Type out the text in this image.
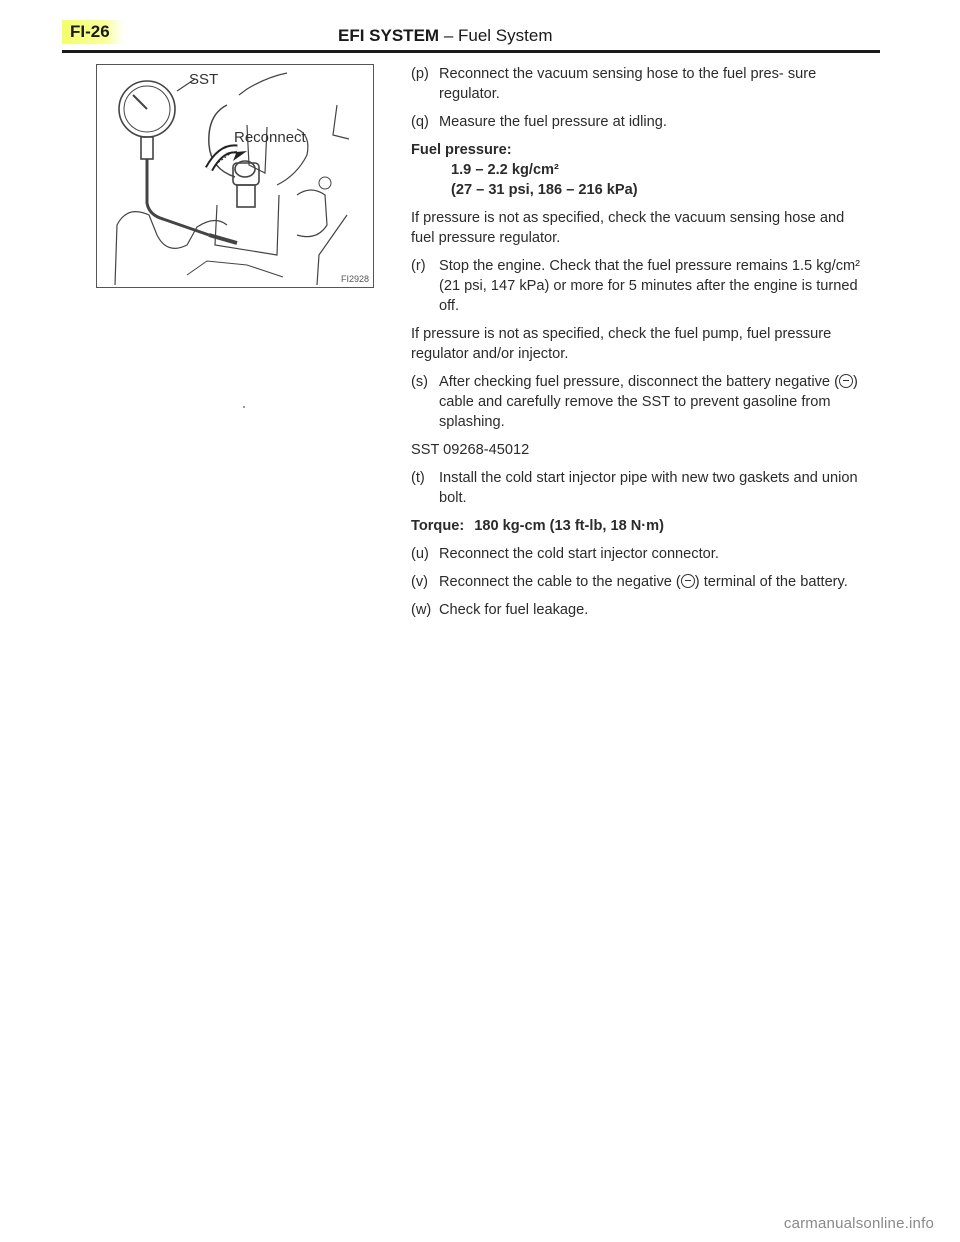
FI-26	EFI SYSTEM – Fuel System
SST
Reconnect
FI2928
(p) Reconnect the vacuum sensing hose to the fuel pres- sure regulator.
(q) Measure the fuel pressure at idling.
Fuel pressure:
1.9 – 2.2 kg/cm²
(27 – 31 psi, 186 – 216 kPa)
If pressure is not as specified, check the vacuum sensing hose and fuel pressure regulator.
(r) Stop the engine. Check that the fuel pressure remains 1.5 kg/cm² (21 psi, 147 kPa) or more for 5 minutes after the engine is turned off.
If pressure is not as specified, check the fuel pump, fuel pressure regulator and/or injector.
(s) After checking fuel pressure, disconnect the battery negative ( ) cable and carefully remove the SST to prevent gasoline from splashing.
SST 09268-45012
(t) Install the cold start injector pipe with new two gaskets and union bolt.
Torque: 180 kg-cm (13 ft-lb, 18 N·m)
(u) Reconnect the cold start injector connector.
(v) Reconnect the cable to the negative ( ) terminal of the battery.
(w) Check for fuel leakage.
carmanualsonline.info
